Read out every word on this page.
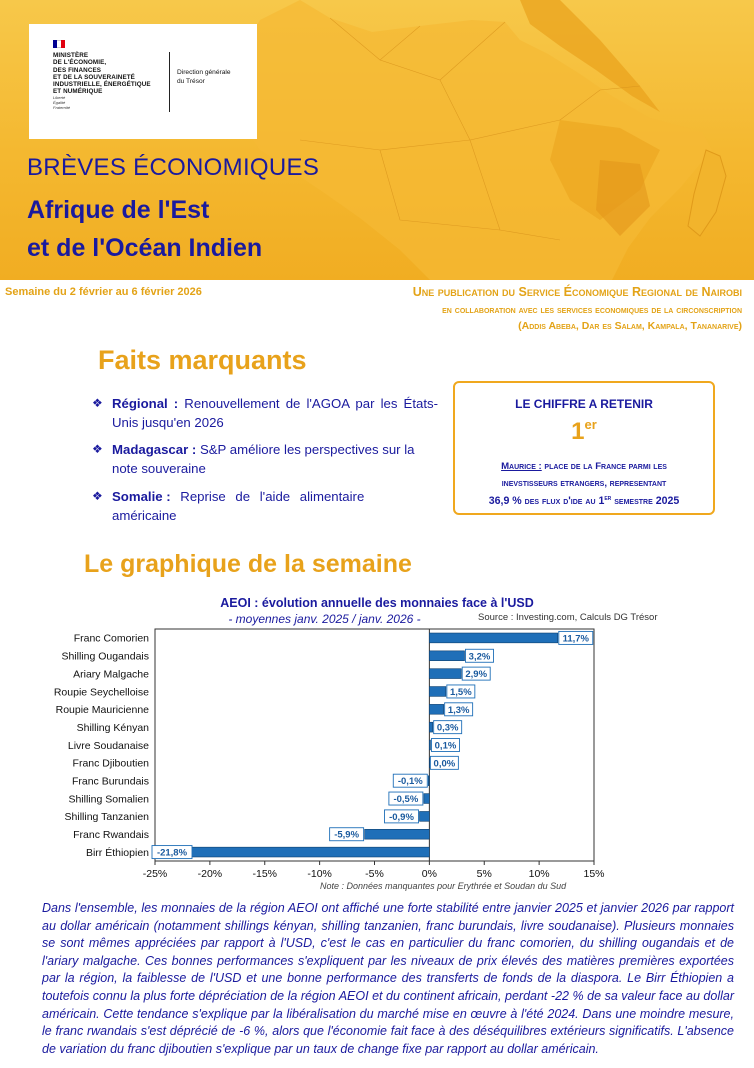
MINISTÈRE
DE L'ÉCONOMIE,
DES FINANCES
ET DE LA SOUVERAINETÉ
INDUSTRIELLE, ÉNERGÉTIQUE
ET NUMÉRIQUE
Liberté
Égalité
Fraternité
Direction générale
du Trésor
BRÈVES ÉCONOMIQUES
Afrique de l'Est
et de l'Océan Indien
Semaine du 2 février au 6 février 2026	Une publication du Service Économique Regional de Nairobi
en collaboration avec les services economiques de la circonscription
(Addis Abeba, Dar es Salam, Kampala, Tananarive)
Faits marquants
❖ Régional : Renouvellement de l'AGOA par les États-Unis jusqu'en 2026
❖ Madagascar : S&P améliore les perspectives sur la note souveraine
❖ Somalie : Reprise de l'aide alimentaire américaine
LE CHIFFRE A RETENIR
1er
Maurice : place de la France parmi les
inevstisseurs etrangers, representant
36,9 % des flux d'ide au 1er semestre 2025
Le graphique de la semaine
AEOI : évolution annuelle des monnaies face à l'USD
- moyennes janv. 2025 / janv. 2026 -	Source : Investing.com, Calculs DG Trésor
-25%	-20%	-15%	-10%	-5%	0%	5%	10%	15%
Franc Comorien	11,7%
Shilling Ougandais	3,2%
Ariary Malgache	2,9%
Roupie Seychelloise	1,5%
Roupie Mauricienne	1,3%
Shilling Kényan	0,3%
Livre Soudanaise	0,1%
Franc Djiboutien	0,0%
Franc Burundais	-0,1%
Shilling Somalien	-0,5%
Shilling Tanzanien	-0,9%
Franc Rwandais	-5,9%
Birr Éthiopien -21,8%
Note : Données manquantes pour Erythrée et Soudan du Sud
Dans l'ensemble, les monnaies de la région AEOI ont affiché une forte stabilité entre janvier 2025 et janvier 2026 par rapport au dollar américain (notamment shillings kényan, shilling tanzanien, franc burundais, livre soudanaise). Plusieurs monnaies se sont mêmes appréciées par rapport à l'USD, c'est le cas en particulier du franc comorien, du shilling ougandais et de l'ariary malgache. Ces bonnes performances s'expliquent par les niveaux de prix élevés des matières premières exportées par la région, la faiblesse de l'USD et une bonne performance des transferts de fonds de la diaspora. Le Birr Éthiopien a toutefois connu la plus forte dépréciation de la région AEOI et du continent africain, perdant -22 % de sa valeur face au dollar américain. Cette tendance s'explique par la libéralisation du marché mise en œuvre à l'été 2024. Dans une moindre mesure, le franc rwandais s'est déprécié de -6 %, alors que l'économie fait face à des déséquilibres extérieurs significatifs. L'absence de variation du franc djiboutien s'explique par un taux de change fixe par rapport au dollar américain.
